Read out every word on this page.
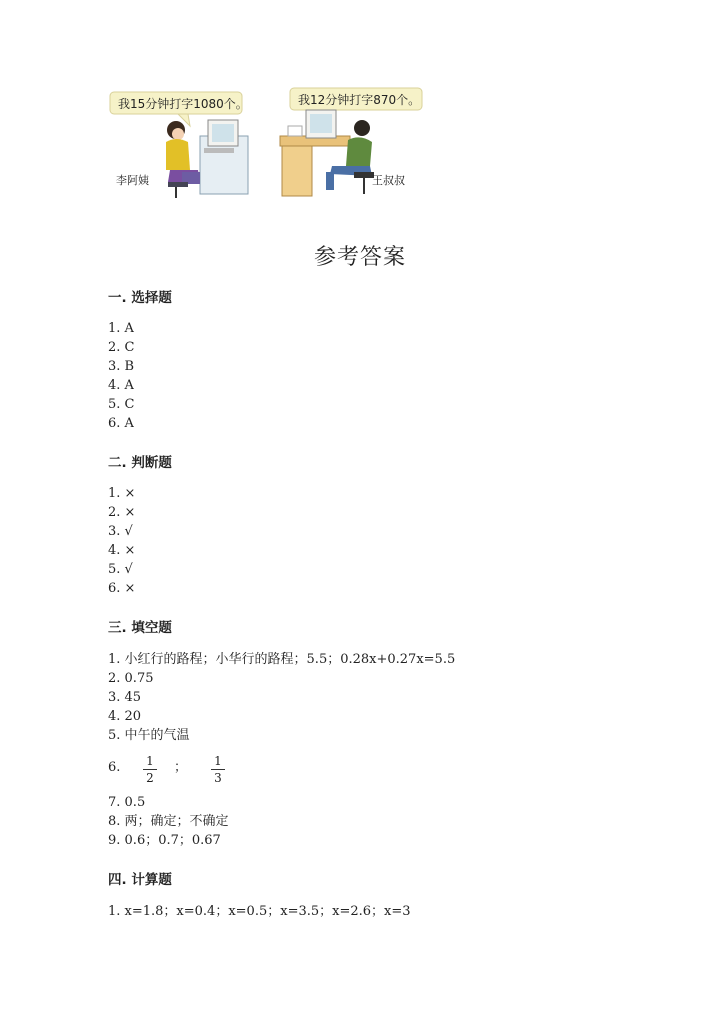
我15分钟打字1080个。	我12分钟打字870个。
李阿姨	王叔叔
参考答案
一. 选择题
1. A
2. C
3. B
4. A
5. C
6. A
二. 判断题
1. ×
2. ×
3. √
4. ×
5. √
6. ×
三. 填空题
1. 小红行的路程；小华行的路程；5.5；0.28x+0.27x=5.5
2. 0.75
3. 45
4. 20
5. 中午的气温
6. 1
2
； 1
3
7. 0.5
8. 两；确定；不确定
9. 0.6；0.7；0.67
四. 计算题
1. x=1.8；x=0.4；x=0.5；x=3.5；x=2.6；x=3
